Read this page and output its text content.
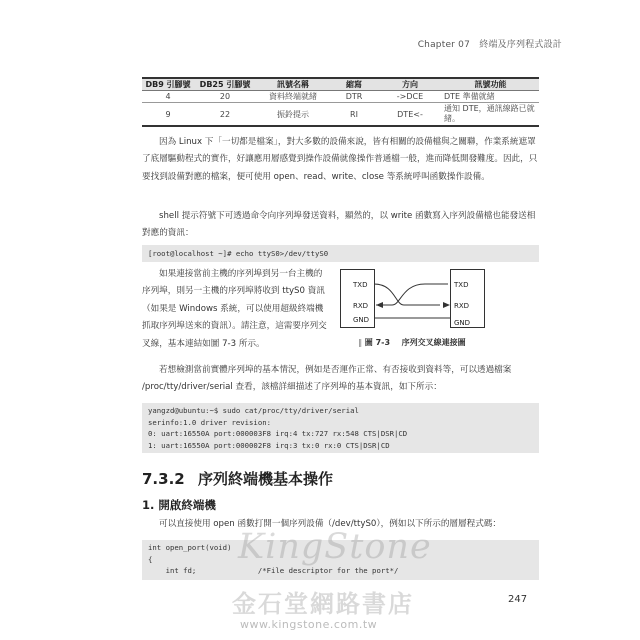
Chapter 07　終端及序列程式設計
DB9 引腳號	DB25 引腳號	訊號名稱	縮寫	方向	訊號功能
4	20	資料終端就緒	DTR	->DCE	DTE 準備就緒
9	22	振鈴提示	RI	DTE<-	通知 DTE，通訊線路已就緒。

因為 Linux 下「一切都是檔案」，對大多數的設備來說，皆有相關的設備檔與之關聯，作業系統遮罩了底層驅動程式的實作，好讓應用層感覺到操作設備就像操作普通檔一般，進而降低開發難度。因此，只要找到設備對應的檔案，便可使用 open、read、write、close 等系統呼叫函數操作設備。

shell 提示符號下可透過命令向序列埠發送資料，顯然的，以 write 函數寫入序列設備檔也能發送相對應的資訊：

[root@localhost ~]# echo ttyS0>/dev/ttyS0

如果連接當前主機的序列埠到另一台主機的序列埠，則另一主機的序列埠將收到 ttyS0 資訊（如果是 Windows 系統，可以使用超級終端機抓取序列埠送來的資訊）。請注意，這需要序列交叉線，基本連結如圖 7-3 所示。

TXD
RXD
GND
TXD
RXD
GND
‖ 圖 7-3 序列交叉線連接圖

若想檢測當前實體序列埠的基本情況，例如是否運作正常、有否接收到資料等，可以透過檔案 /proc/tty/driver/serial 查看，該檔詳細描述了序列埠的基本資訊，如下所示：

yangzd@ubuntu:~$ sudo cat/proc/tty/driver/serial
serinfo:1.0 driver revision:
0: uart:16550A port:000003F8 irq:4 tx:727 rx:548 CTS|DSR|CD
1: uart:16550A port:000002F8 irq:3 tx:0 rx:0 CTS|DSR|CD
7.3.2 序列終端機基本操作
1. 開啟終端機

可以直接使用 open 函數打開一個序列設備（/dev/ttyS0），例如以下所示的層層程式碼：

int open_port(void)
{
int fd;              /*File descriptor for the port*/
KingStone
金石堂網路書店
www.kingstone.com.tw
247
